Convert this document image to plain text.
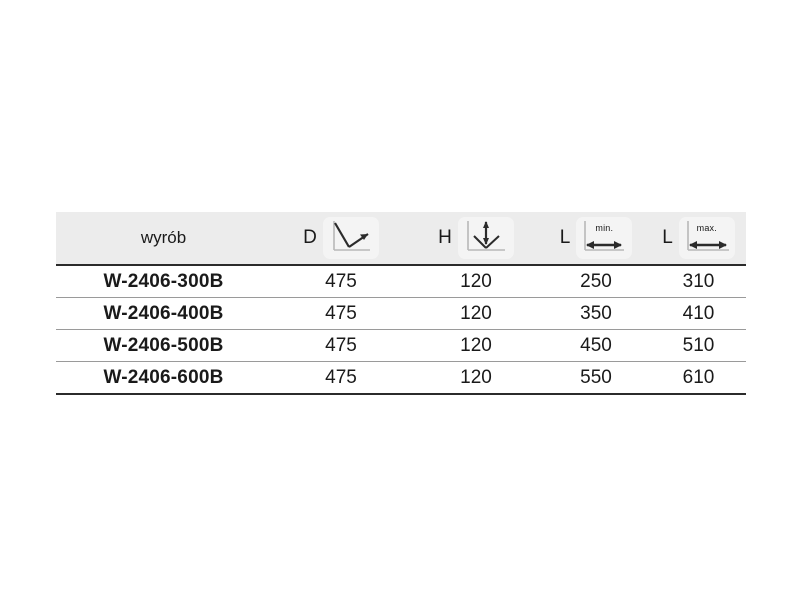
wyrób	D	H	L min.	L max.

W-2406-300B	475	120	250	310
W-2406-400B	475	120	350	410
W-2406-500B	475	120	450	510
W-2406-600B	475	120	550	610
